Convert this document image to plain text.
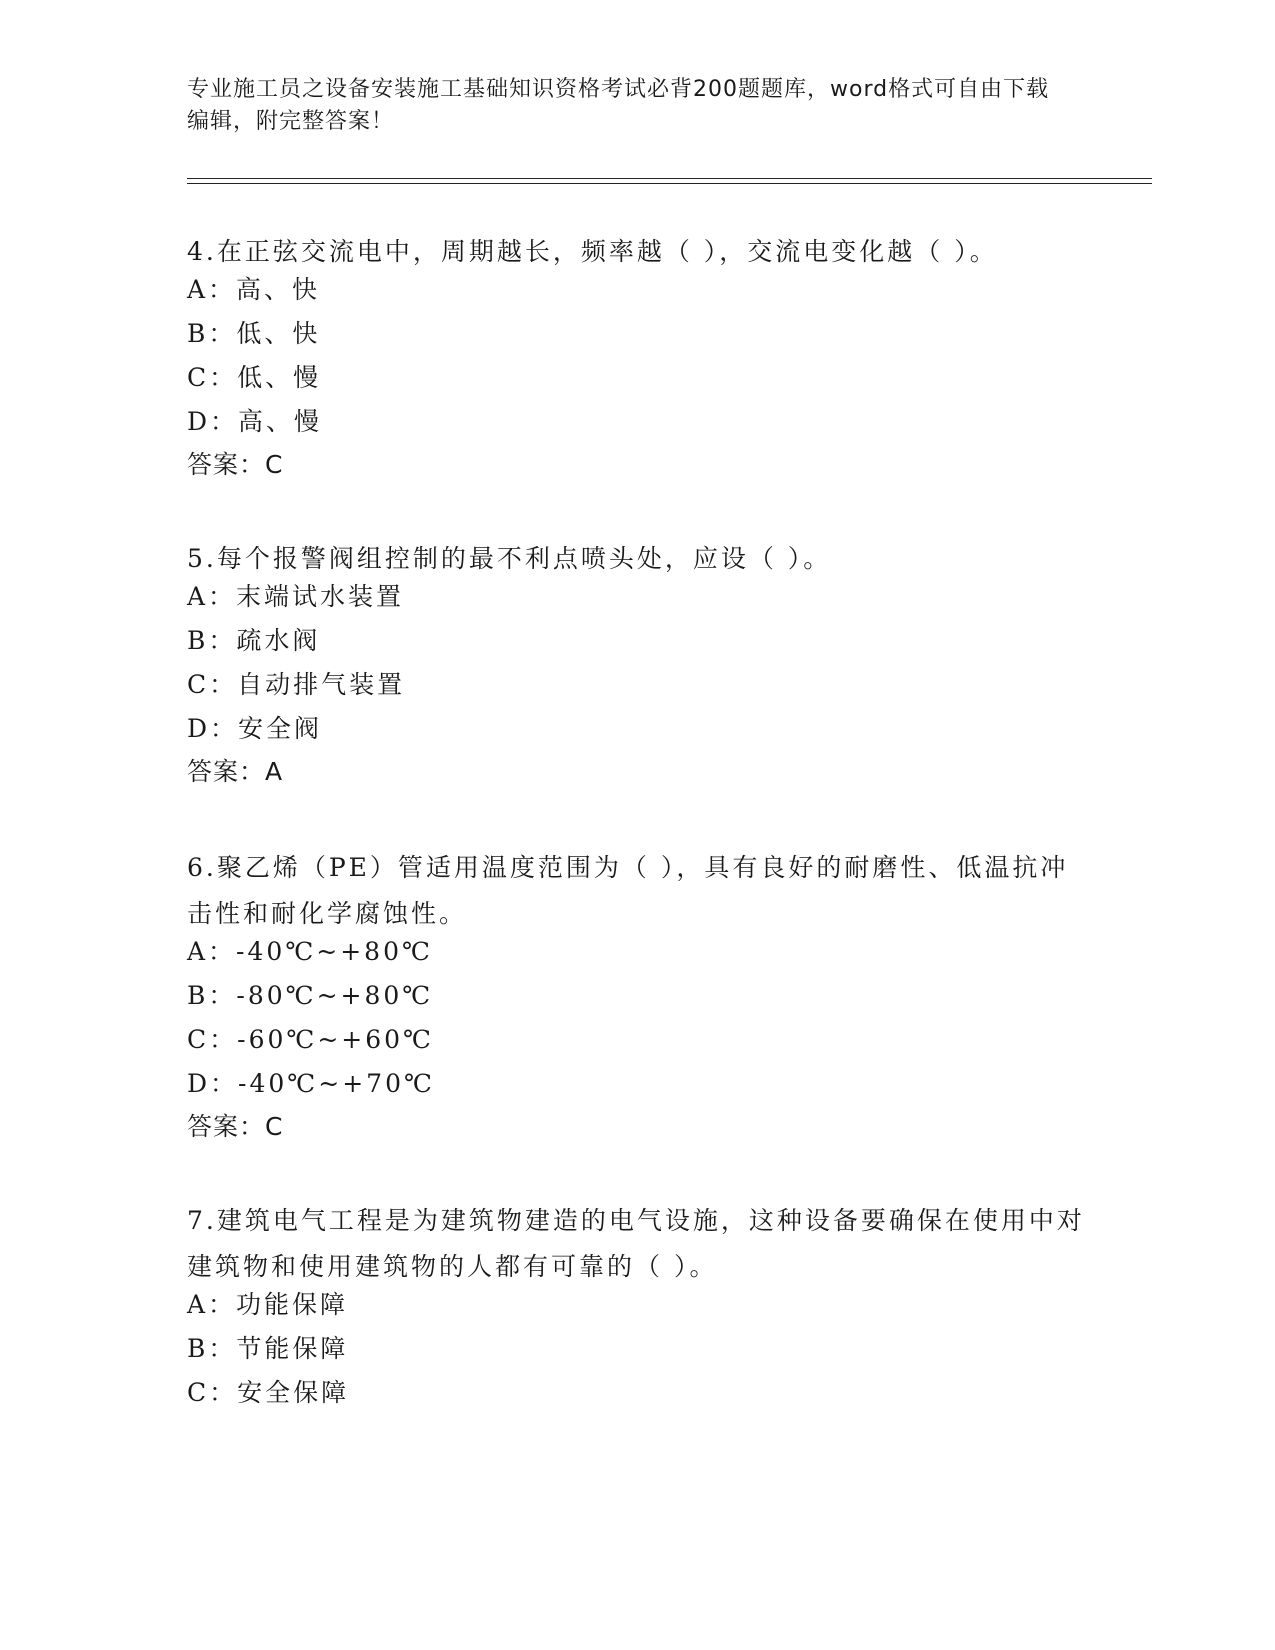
专业施工员之设备安装施工基础知识资格考试必背200题题库，word格式可自由下载编辑，附完整答案！
4.在正弦交流电中，周期越长，频率越（ ），交流电变化越（ ）。
A：高、快
B：低、快
C：低、慢
D：高、慢
答案：C
5.每个报警阀组控制的最不利点喷头处，应设（ ）。
A：末端试水装置
B：疏水阀
C：自动排气装置
D：安全阀
答案：A
6.聚乙烯（PE）管适用温度范围为（ ），具有良好的耐磨性、低温抗冲击性和耐化学腐蚀性。
A：-40℃~+80℃
B：-80℃~+80℃
C：-60℃~+60℃
D：-40℃~+70℃
答案：C
7.建筑电气工程是为建筑物建造的电气设施，这种设备要确保在使用中对建筑物和使用建筑物的人都有可靠的（ ）。
A：功能保障
B：节能保障
C：安全保障
